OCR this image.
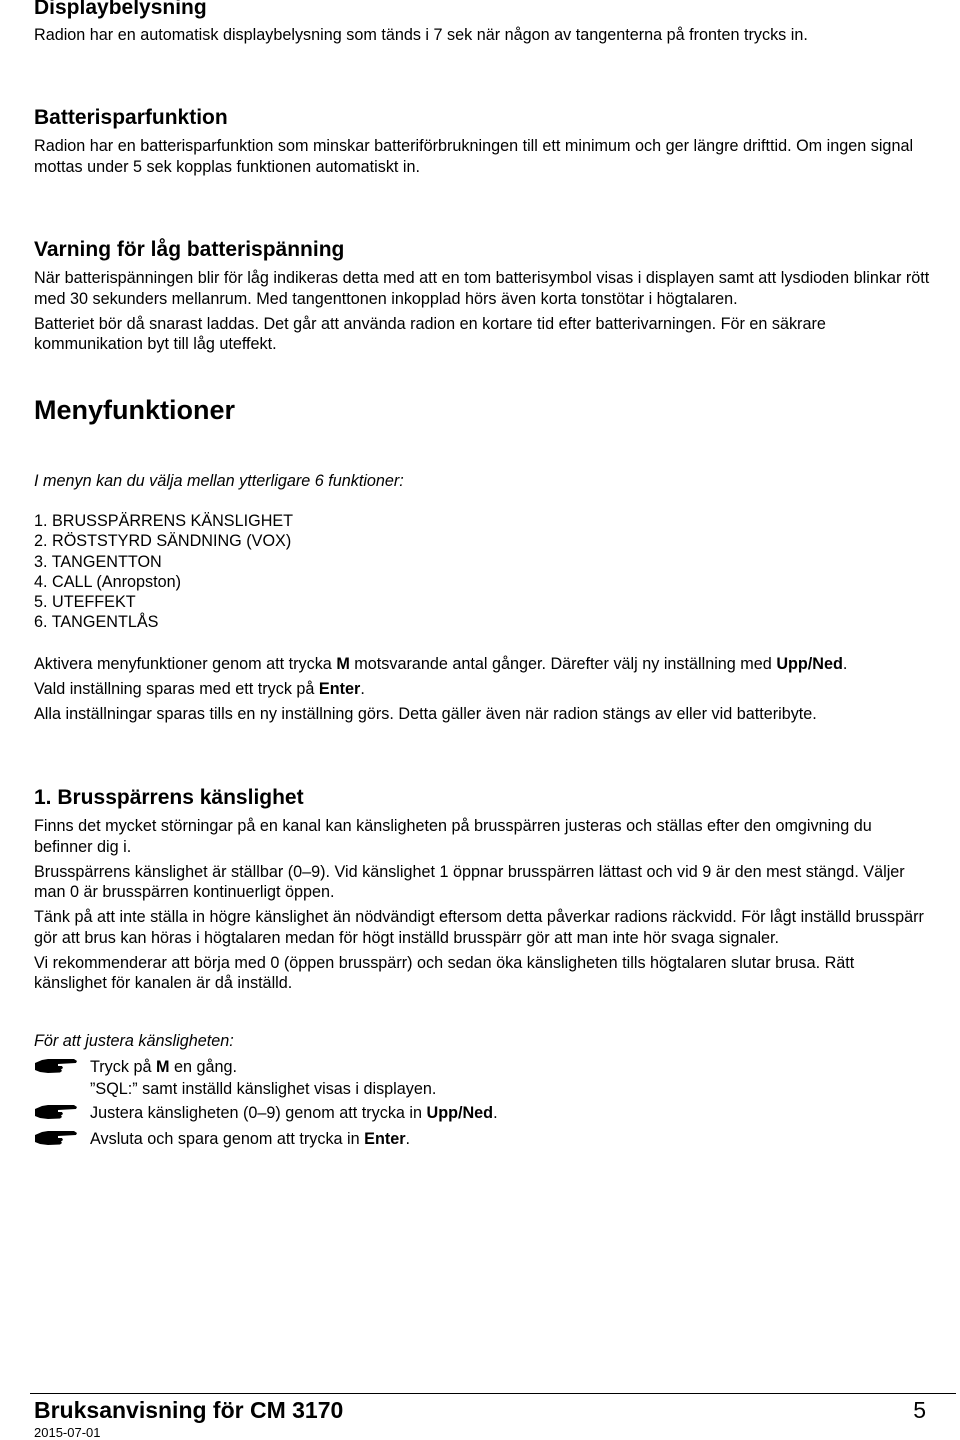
Displaybelysning
Radion har en automatisk displaybelysning som tänds i 7 sek när någon av tangenterna på fronten trycks in.
Batterisparfunktion
Radion har en batterisparfunktion som minskar batteriförbrukningen till ett minimum och ger längre drifttid. Om ingen signal mottas under 5 sek kopplas funktionen automatiskt in.
Varning för låg batterispänning

När batterispänningen blir för låg indikeras detta med att en tom batterisymbol visas i displayen samt att lysdioden blinkar rött med 30 sekunders mellanrum. Med tangenttonen inkopplad hörs även korta tonstötar i högtalaren.

Batteriet bör då snarast laddas. Det går att använda radion en kortare tid efter batterivarningen. För en säkrare kommunikation byt till låg uteffekt.

Menyfunktioner
I menyn kan du välja mellan ytterligare 6 funktioner:
1. BRUSSPÄRRENS KÄNSLIGHET
2. RÖSTSTYRD SÄNDNING (VOX)
3. TANGENTTON
4. CALL (Anropston)
5. UTEFFEKT
6. TANGENTLÅS

Aktivera menyfunktioner genom att trycka M motsvarande antal gånger. Därefter välj ny inställning med Upp/Ned.

Vald inställning sparas med ett tryck på Enter.

Alla inställningar sparas tills en ny inställning görs. Detta gäller även när radion stängs av eller vid batteribyte.

1. Brusspärrens känslighet

Finns det mycket störningar på en kanal kan känsligheten på brusspärren justeras och ställas efter den omgivning du befinner dig i.

Brusspärrens känslighet är ställbar (0–9). Vid känslighet 1 öppnar brusspärren lättast och vid 9 är den mest stängd. Väljer man 0 är brusspärren kontinuerligt öppen.

Tänk på att inte ställa in högre känslighet än nödvändigt eftersom detta påverkar radions räckvidd. För lågt inställd brusspärr gör att brus kan höras i högtalaren medan för högt inställd brusspärr gör att man inte hör svaga signaler.

Vi rekommenderar att börja med 0 (öppen brusspärr) och sedan öka känsligheten tills högtalaren slutar brusa. Rätt känslighet för kanalen är då inställd.

För att justera känsligheten:
Tryck på M en gång.
”SQL:” samt inställd känslighet visas i displayen.
Justera känsligheten (0–9) genom att trycka in Upp/Ned.
Avsluta och spara genom att trycka in Enter.
Bruksanvisning för CM 3170	5
2015-07-01
